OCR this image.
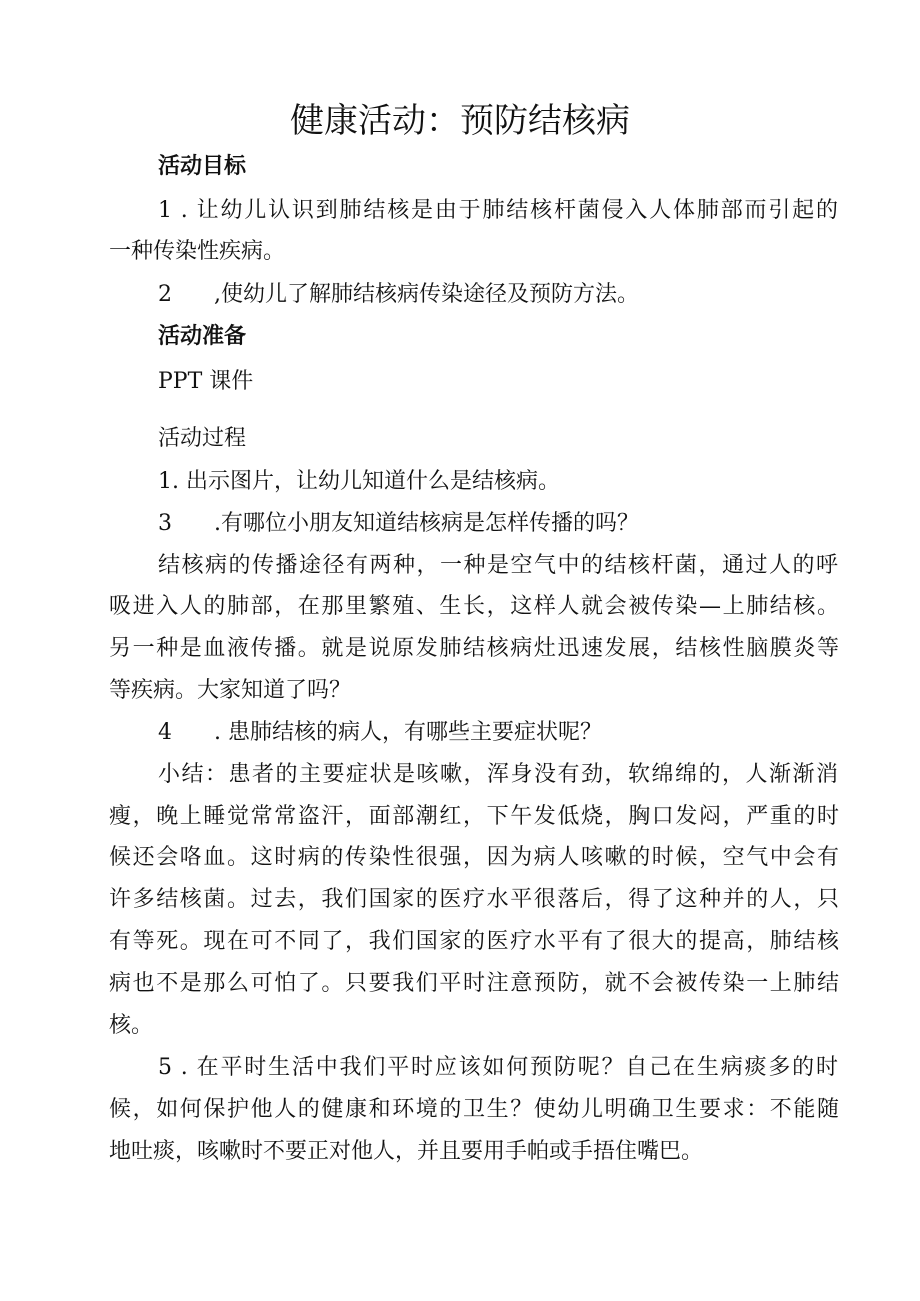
健康活动：预防结核病
活动目标
1 . 让幼儿认识到肺结核是由于肺结核杆菌侵入人体肺部而引起的
一种传染性疾病。
2 ,使幼儿了解肺结核病传染途径及预防方法。
活动准备
PPT 课件
活动过程
1. 出示图片，让幼儿知道什么是结核病。
3 .有哪位小朋友知道结核病是怎样传播的吗？
结核病的传播途径有两种，一种是空气中的结核杆菌，通过人的呼
吸进入人的肺部，在那里繁殖、生长，这样人就会被传染—上肺结核。
另一种是血液传播。就是说原发肺结核病灶迅速发展，结核性脑膜炎等
等疾病。大家知道了吗？
4 . 患肺结核的病人，有哪些主要症状呢？
小结：患者的主要症状是咳嗽，浑身没有劲，软绵绵的，人渐渐消
瘦，晚上睡觉常常盗汗，面部潮红，下午发低烧，胸口发闷，严重的时
候还会咯血。这时病的传染性很强，因为病人咳嗽的时候，空气中会有
许多结核菌。过去，我们国家的医疗水平很落后，得了这种并的人，只
有等死。现在可不同了，我们国家的医疗水平有了很大的提高，肺结核
病也不是那么可怕了。只要我们平时注意预防，就不会被传染一上肺结
核。
5 . 在平时生活中我们平时应该如何预防呢？自己在生病痰多的时
候，如何保护他人的健康和环境的卫生？使幼儿明确卫生要求：不能随
地吐痰，咳嗽时不要正对他人，并且要用手帕或手捂住嘴巴。
